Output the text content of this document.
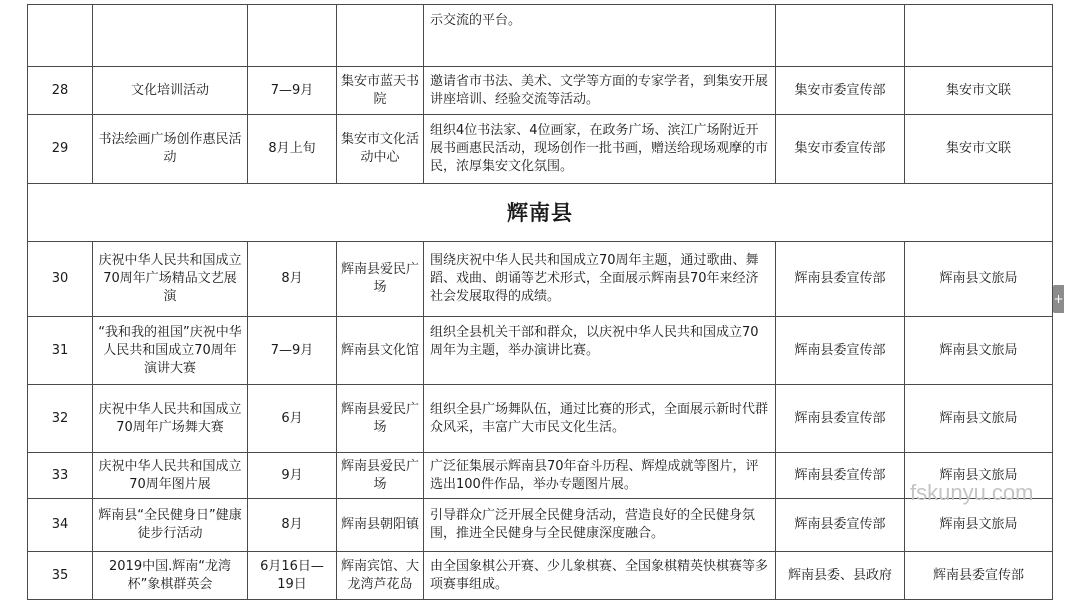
				示交流的平台。		
28	文化培训活动	7—9月	集安市蓝天书院	邀请省市书法、美术、文学等方面的专家学者，到集安开展讲座培训、经验交流等活动。	集安市委宣传部	集安市文联
29	书法绘画广场创作惠民活动	8月上旬	集安市文化活动中心	组织4位书法家、4位画家，在政务广场、滨江广场附近开展书画惠民活动，现场创作一批书画，赠送给现场观摩的市民，浓厚集安文化氛围。	集安市委宣传部	集安市文联
辉南县						
30	庆祝中华人民共和国成立70周年广场精品文艺展演	8月	辉南县爱民广场	围绕庆祝中华人民共和国成立70周年主题，通过歌曲、舞蹈、戏曲、朗诵等艺术形式，全面展示辉南县70年来经济社会发展取得的成绩。	辉南县委宣传部	辉南县文旅局
31	“我和我的祖国”庆祝中华人民共和国成立70周年演讲大赛	7—9月	辉南县文化馆	组织全县机关干部和群众，以庆祝中华人民共和国成立70周年为主题，举办演讲比赛。	辉南县委宣传部	辉南县文旅局
32	庆祝中华人民共和国成立70周年广场舞大赛	6月	辉南县爱民广场	组织全县广场舞队伍，通过比赛的形式，全面展示新时代群众风采，丰富广大市民文化生活。	辉南县委宣传部	辉南县文旅局
33	庆祝中华人民共和国成立70周年图片展	9月	辉南县爱民广场	广泛征集展示辉南县70年奋斗历程、辉煌成就等图片，评选出100件作品，举办专题图片展。	辉南县委宣传部	辉南县文旅局
34	辉南县“全民健身日”健康徒步行活动	8月	辉南县朝阳镇	引导群众广泛开展全民健身活动，营造良好的全民健身氛围，推进全民健身与全民健康深度融合。	辉南县委宣传部	辉南县文旅局
35	2019中国.辉南“龙湾杯”象棋群英会	6月16日—19日	辉南宾馆、大龙湾芦花岛	由全国象棋公开赛、少儿象棋赛、全国象棋精英快棋赛等多项赛事组成。	辉南县委、县政府	辉南县委宣传部
+
fskunyu.com
